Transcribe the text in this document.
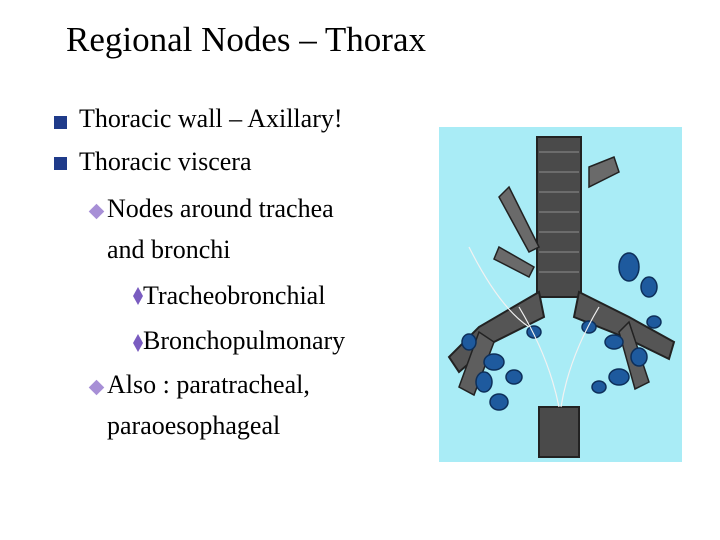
Regional Nodes – Thorax
Thoracic wall – Axillary!
Thoracic viscera
Nodes around trachea
and bronchi
Tracheobronchial
Bronchopulmonary
Also : paratracheal,
paraoesophageal
